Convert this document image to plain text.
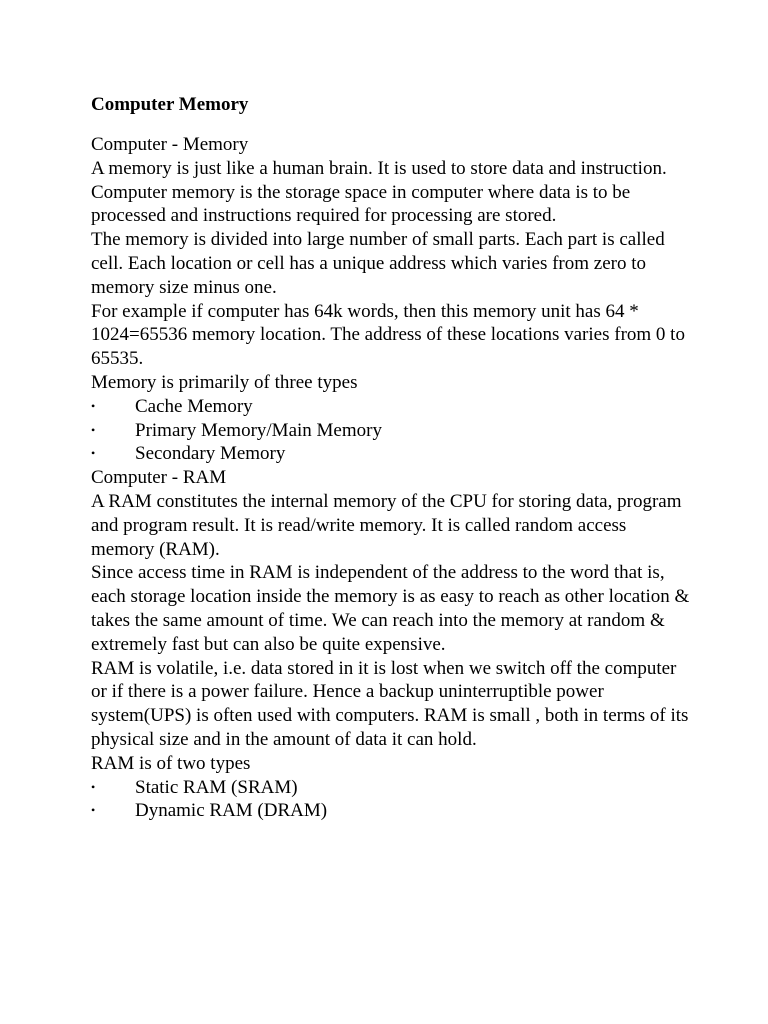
Computer Memory

Computer - Memory

A memory is just like a human brain. It is used to store data and instruction. Computer memory is the storage space in computer where data is to be processed and instructions required for processing are stored.

The memory is divided into large number of small parts. Each part is called cell. Each location or cell has a unique address which varies from zero to memory size minus one.

For example if computer has 64k words, then this memory unit has 64 * 1024=65536 memory location. The address of these locations varies from 0 to 65535.

Memory is primarily of three types

• Cache Memory
• Primary Memory/Main Memory
• Secondary Memory

Computer - RAM

A RAM constitutes the internal memory of the CPU for storing data, program and program result. It is read/write memory. It is called random access memory (RAM).

Since access time in RAM is independent of the address to the word that is, each storage location inside the memory is as easy to reach as other location & takes the same amount of time. We can reach into the memory at random & extremely fast but can also be quite expensive.

RAM is volatile, i.e. data stored in it is lost when we switch off the computer or if there is a power failure. Hence a backup uninterruptible power system(UPS) is often used with computers. RAM is small , both in terms of its physical size and in the amount of data it can hold.

RAM is of two types

• Static RAM (SRAM)
• Dynamic RAM (DRAM)
